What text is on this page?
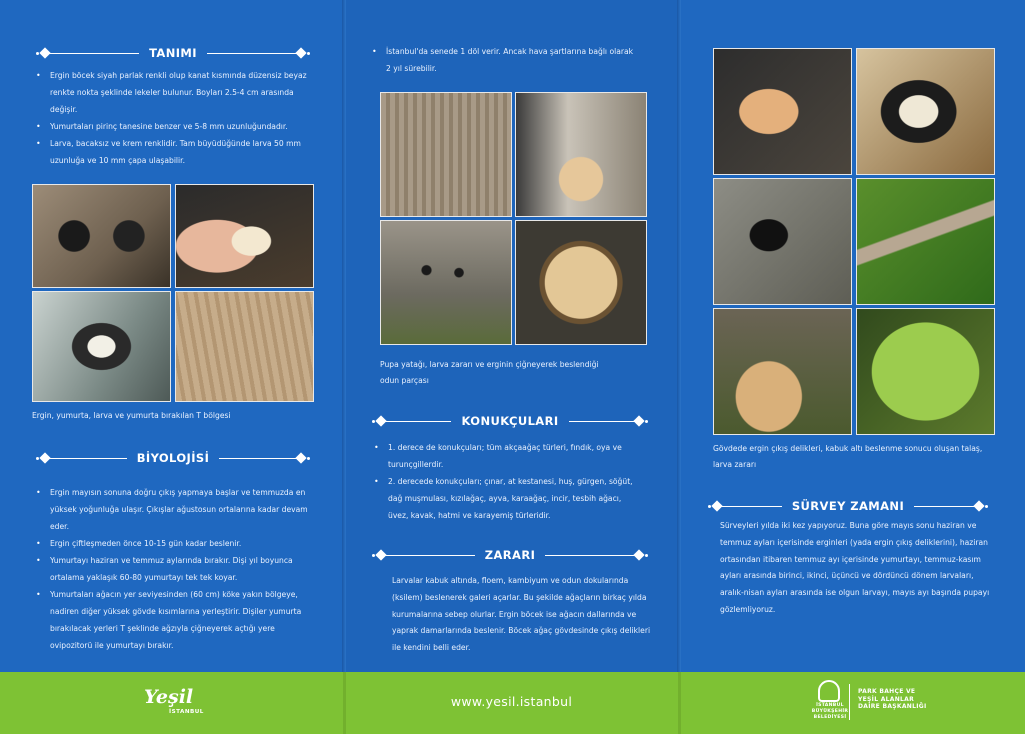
TANIMI
• Ergin böcek siyah parlak renkli olup kanat kısmında düzensiz beyaz renkte nokta şeklinde lekeler bulunur. Boyları 2.5-4 cm arasında değişir.
• Yumurtaları pirinç tanesine benzer ve 5-8 mm uzunluğundadır.
• Larva, bacaksız ve krem renklidir. Tam büyüdüğünde larva 50 mm uzunluğa ve 10 mm çapa ulaşabilir.
Ergin, yumurta, larva ve yumurta bırakılan T bölgesi
BİYOLOJİSİ
• Ergin mayısın sonuna doğru çıkış yapmaya başlar ve temmuzda en yüksek yoğunluğa ulaşır. Çıkışlar ağustosun ortalarına kadar devam eder.
• Ergin çiftleşmeden önce 10-15 gün kadar beslenir.
• Yumurtayı haziran ve temmuz aylarında bırakır. Dişi yıl boyunca ortalama yaklaşık 60-80 yumurtayı tek tek koyar.
• Yumurtaları ağacın yer seviyesinden (60 cm) köke yakın bölgeye, nadiren diğer yüksek gövde kısımlarına yerleştirir. Dişiler yumurta bırakılacak yerleri T şeklinde ağzıyla çiğneyerek açtığı yere ovipozitorü ile yumurtayı bırakır.
• İstanbul'da senede 1 döl verir. Ancak hava şartlarına bağlı olarak 2 yıl sürebilir.
Pupa yatağı, larva zararı ve erginin çiğneyerek beslendiği odun parçası
KONUKÇULARI
• 1. derece de konukçuları; tüm akçaağaç türleri, fındık, oya ve turunçgillerdir.
• 2. derecede konukçuları; çınar, at kestanesi, huş, gürgen, söğüt, dağ muşmulası, kızılağaç, ayva, karaağaç, incir, tesbih ağacı, üvez, kavak, hatmi ve karayemiş türleridir.
ZARARI
Larvalar kabuk altında, floem, kambiyum ve odun dokularında (ksilem) beslenerek galeri açarlar. Bu şekilde ağaçların birkaç yılda kurumalarına sebep olurlar. Ergin böcek ise ağacın dallarında ve yaprak damarlarında beslenir. Böcek ağaç gövdesinde çıkış delikleri ile kendini belli eder.
Gövdede ergin çıkış delikleri, kabuk altı beslenme sonucu oluşan talaş, larva zararı
SÜRVEY ZAMANI
Sürveyleri yılda iki kez yapıyoruz. Buna göre mayıs sonu haziran ve temmuz ayları içerisinde erginleri (yada ergin çıkış deliklerini), haziran ortasından itibaren temmuz ayı içerisinde yumurtayı, temmuz-kasım ayları arasında birinci, ikinci, üçüncü ve dördüncü dönem larvaları, aralık-nisan ayları arasında ise olgun larvayı, mayıs ayı başında pupayı gözlemliyoruz.
Yeşil
İSTANBUL
www.yesil.istanbul	İSTANBUL BÜYÜKŞEHİR BELEDİYESİ
PARK BAHÇE VE
YEŞİL ALANLAR
DAİRE BAŞKANLIĞI
